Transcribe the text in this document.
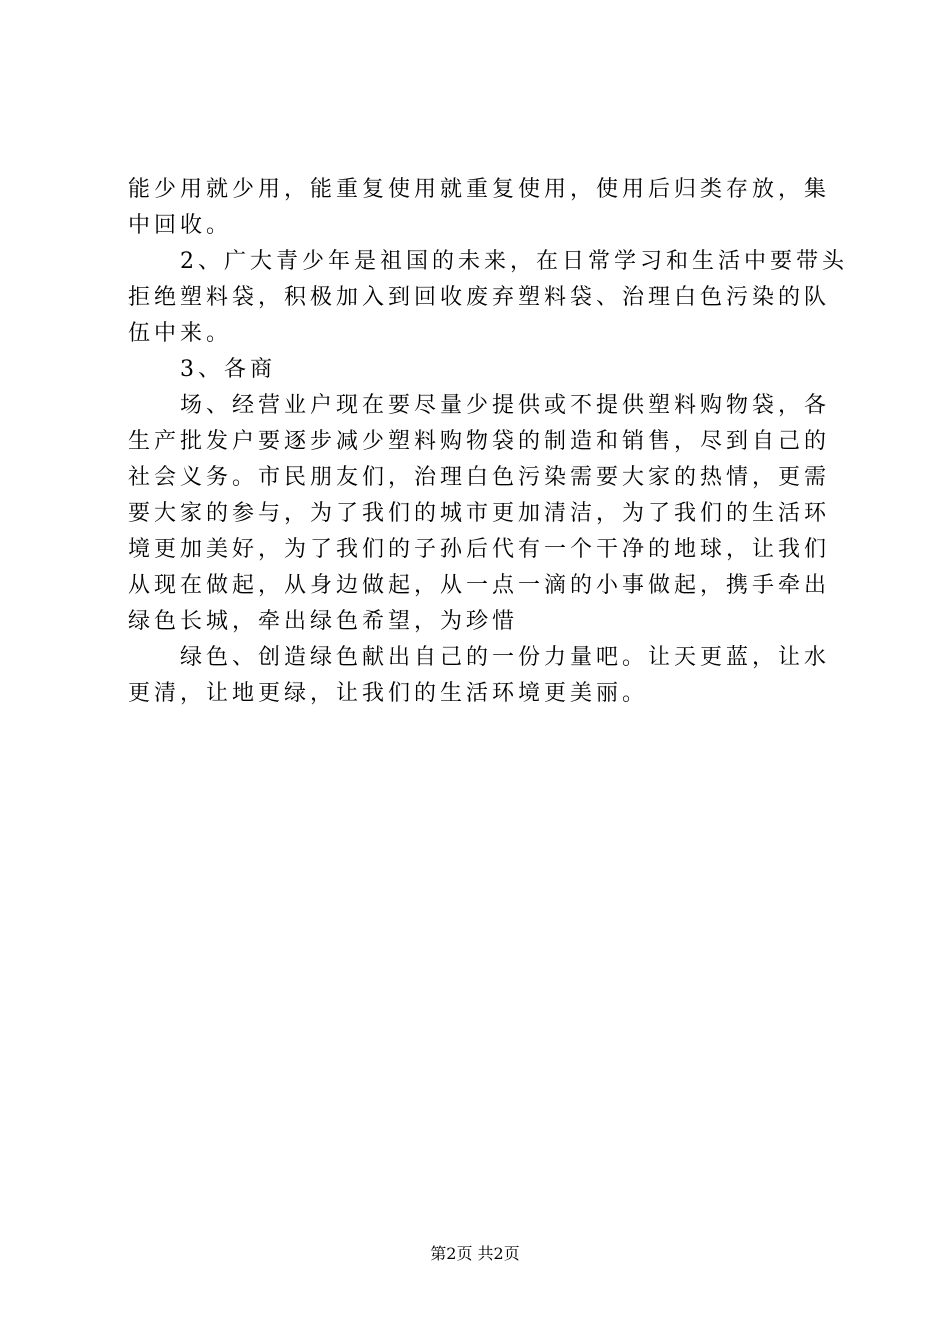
能少用就少用，能重复使用就重复使用，使用后归类存放，集
中回收。
2、广大青少年是祖国的未来，在日常学习和生活中要带头
拒绝塑料袋，积极加入到回收废弃塑料袋、治理白色污染的队
伍中来。
3、各商
场、经营业户现在要尽量少提供或不提供塑料购物袋，各
生产批发户要逐步减少塑料购物袋的制造和销售，尽到自己的
社会义务。市民朋友们，治理白色污染需要大家的热情，更需
要大家的参与，为了我们的城市更加清洁，为了我们的生活环
境更加美好，为了我们的子孙后代有一个干净的地球，让我们
从现在做起，从身边做起，从一点一滴的小事做起，携手牵出
绿色长城，牵出绿色希望，为珍惜
绿色、创造绿色献出自己的一份力量吧。让天更蓝，让水
更清，让地更绿，让我们的生活环境更美丽。
第2页 共2页
